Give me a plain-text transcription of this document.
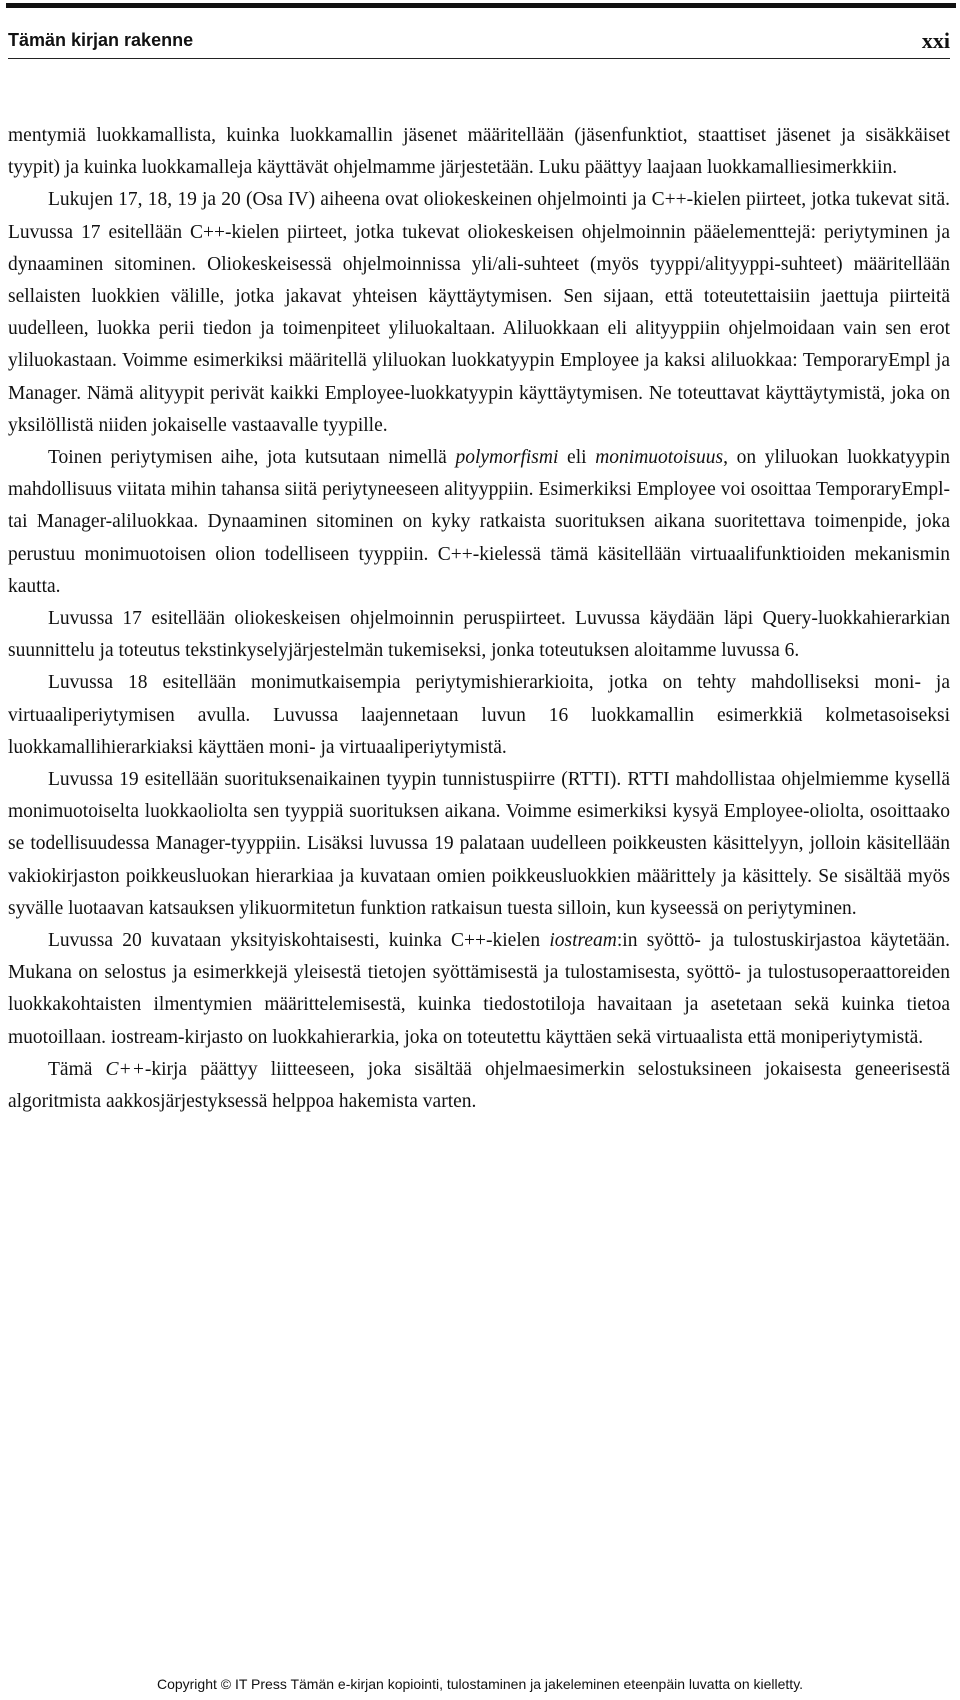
Tämän kirjan rakenne	xxi

mentymiä luokkamallista, kuinka luokkamallin jäsenet määritellään (jäsenfunktiot, staattiset jäsenet ja sisäkkäiset tyypit) ja kuinka luokkamalleja käyttävät ohjelmamme järjestetään. Luku päättyy laajaan luokkamalliesimerkkiin.

Lukujen 17, 18, 19 ja 20 (Osa IV) aiheena ovat oliokeskeinen ohjelmointi ja C++-kielen piirteet, jotka tukevat sitä. Luvussa 17 esitellään C++-kielen piirteet, jotka tukevat oliokeskeisen ohjelmoinnin pääelementtejä: periytyminen ja dynaaminen sitominen. Oliokeskeisessä ohjelmoinnissa yli/ali-suhteet (myös tyyppi/alityyppi-suhteet) määritellään sellaisten luokkien välille, jotka jakavat yhteisen käyttäytymisen. Sen sijaan, että toteutettaisiin jaettuja piirteitä uudelleen, luokka perii tiedon ja toimenpiteet yliluokaltaan. Aliluokkaan eli alityyppiin ohjelmoidaan vain sen erot yliluokastaan. Voimme esimerkiksi määritellä yliluokan luokkatyypin Employee ja kaksi aliluokkaa: TemporaryEmpl ja Manager. Nämä alityypit perivät kaikki Employee-luokkatyypin käyttäytymisen. Ne toteuttavat käyttäytymistä, joka on yksilöllistä niiden jokaiselle vastaavalle tyypille.

Toinen periytymisen aihe, jota kutsutaan nimellä polymorfismi eli monimuotoisuus, on yliluokan luokkatyypin mahdollisuus viitata mihin tahansa siitä periytyneeseen alityyppiin. Esimerkiksi Employee voi osoittaa TemporaryEmpl- tai Manager-aliluokkaa. Dynaaminen sitominen on kyky ratkaista suorituksen aikana suoritettava toimenpide, joka perustuu monimuotoisen olion todelliseen tyyppiin. C++-kielessä tämä käsitellään virtuaalifunktioiden mekanismin kautta.

Luvussa 17 esitellään oliokeskeisen ohjelmoinnin peruspiirteet. Luvussa käydään läpi Query-luokkahierarkian suunnittelu ja toteutus tekstinkyselyjärjestelmän tukemiseksi, jonka toteutuksen aloitamme luvussa 6.

Luvussa 18 esitellään monimutkaisempia periytymishierarkioita, jotka on tehty mahdolliseksi moni- ja virtuaaliperiytymisen avulla. Luvussa laajennetaan luvun 16 luokkamallin esimerkkiä kolmetasoiseksi luokkamallihierarkiaksi käyttäen moni- ja virtuaaliperiytymistä.

Luvussa 19 esitellään suorituksenaikainen tyypin tunnistuspiirre (RTTI). RTTI mahdollistaa ohjelmiemme kysellä monimuotoiselta luokkaoliolta sen tyyppiä suorituksen aikana. Voimme esimerkiksi kysyä Employee-oliolta, osoittaako se todellisuudessa Manager-tyyppiin. Lisäksi luvussa 19 palataan uudelleen poikkeusten käsittelyyn, jolloin käsitellään vakiokirjaston poikkeusluokan hierarkiaa ja kuvataan omien poikkeusluokkien määrittely ja käsittely. Se sisältää myös syvälle luotaavan katsauksen ylikuormitetun funktion ratkaisun tuesta silloin, kun kyseessä on periytyminen.

Luvussa 20 kuvataan yksityiskohtaisesti, kuinka C++-kielen iostream:in syöttö- ja tulostuskirjastoa käytetään. Mukana on selostus ja esimerkkejä yleisestä tietojen syöttämisestä ja tulostamisesta, syöttö- ja tulostusoperaattoreiden luokkakohtaisten ilmentymien määrittelemisestä, kuinka tiedostotiloja havaitaan ja asetetaan sekä kuinka tietoa muotoillaan. iostream-kirjasto on luokkahierarkia, joka on toteutettu käyttäen sekä virtuaalista että moniperiytymistä.

Tämä C++-kirja päättyy liitteeseen, joka sisältää ohjelmaesimerkin selostuksineen jokaisesta geneerisestä algoritmista aakkosjärjestyksessä helppoa hakemista varten.

Copyright © IT Press Tämän e-kirjan kopiointi, tulostaminen ja jakeleminen eteenpäin luvatta on kielletty.
